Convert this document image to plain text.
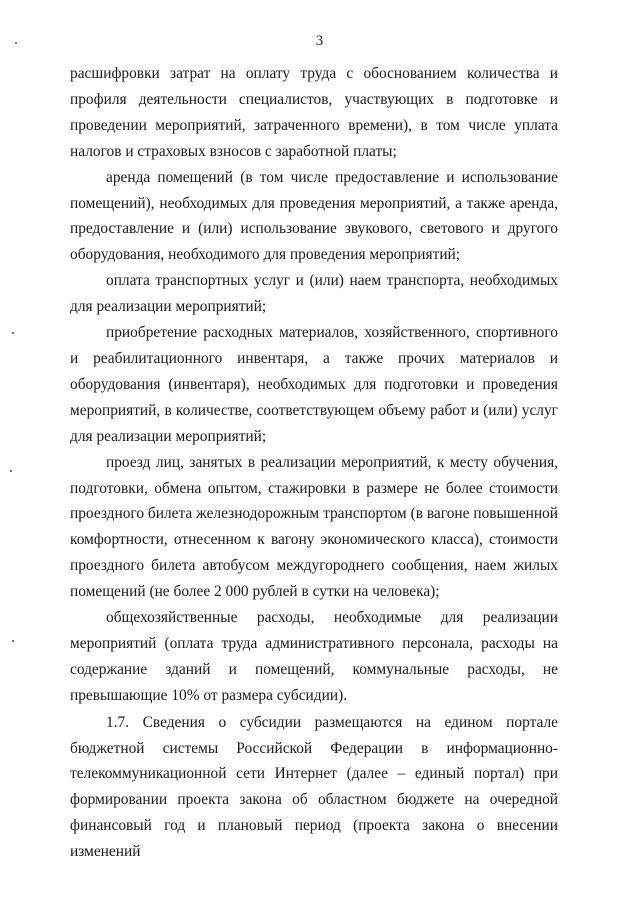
3

расшифровки затрат на оплату труда с обоснованием количества и профиля деятельности специалистов, участвующих в подготовке и проведении мероприятий, затраченного времени), в том числе уплата налогов и страховых взносов с заработной платы;

аренда помещений (в том числе предоставление и использование помещений), необходимых для проведения мероприятий, а также аренда, предоставление и (или) использование звукового, светового и другого оборудования, необходимого для проведения мероприятий;

оплата транспортных услуг и (или) наем транспорта, необходимых для реализации мероприятий;

приобретение расходных материалов, хозяйственного, спортивного и реабилитационного инвентаря, а также прочих материалов и оборудования (инвентаря), необходимых для подготовки и проведения мероприятий, в количестве, соответствующем объему работ и (или) услуг для реализации мероприятий;

проезд лиц, занятых в реализации мероприятий, к месту обучения, подготовки, обмена опытом, стажировки в размере не более стоимости проездного билета железнодорожным транспортом (в вагоне повышенной комфортности, отнесенном к вагону экономического класса), стоимости проездного билета автобусом междугороднего сообщения, наем жилых помещений (не более 2 000 рублей в сутки на человека);

общехозяйственные расходы, необходимые для реализации мероприятий (оплата труда административного персонала, расходы на содержание зданий и помещений, коммунальные расходы, не превышающие 10% от размера субсидии).

1.7. Сведения о субсидии размещаются на едином портале бюджетной системы Российской Федерации в информационно-телекоммуникационной сети Интернет (далее – единый портал) при формировании проекта закона об областном бюджете на очередной финансовый год и плановый период (проекта закона о внесении изменений
